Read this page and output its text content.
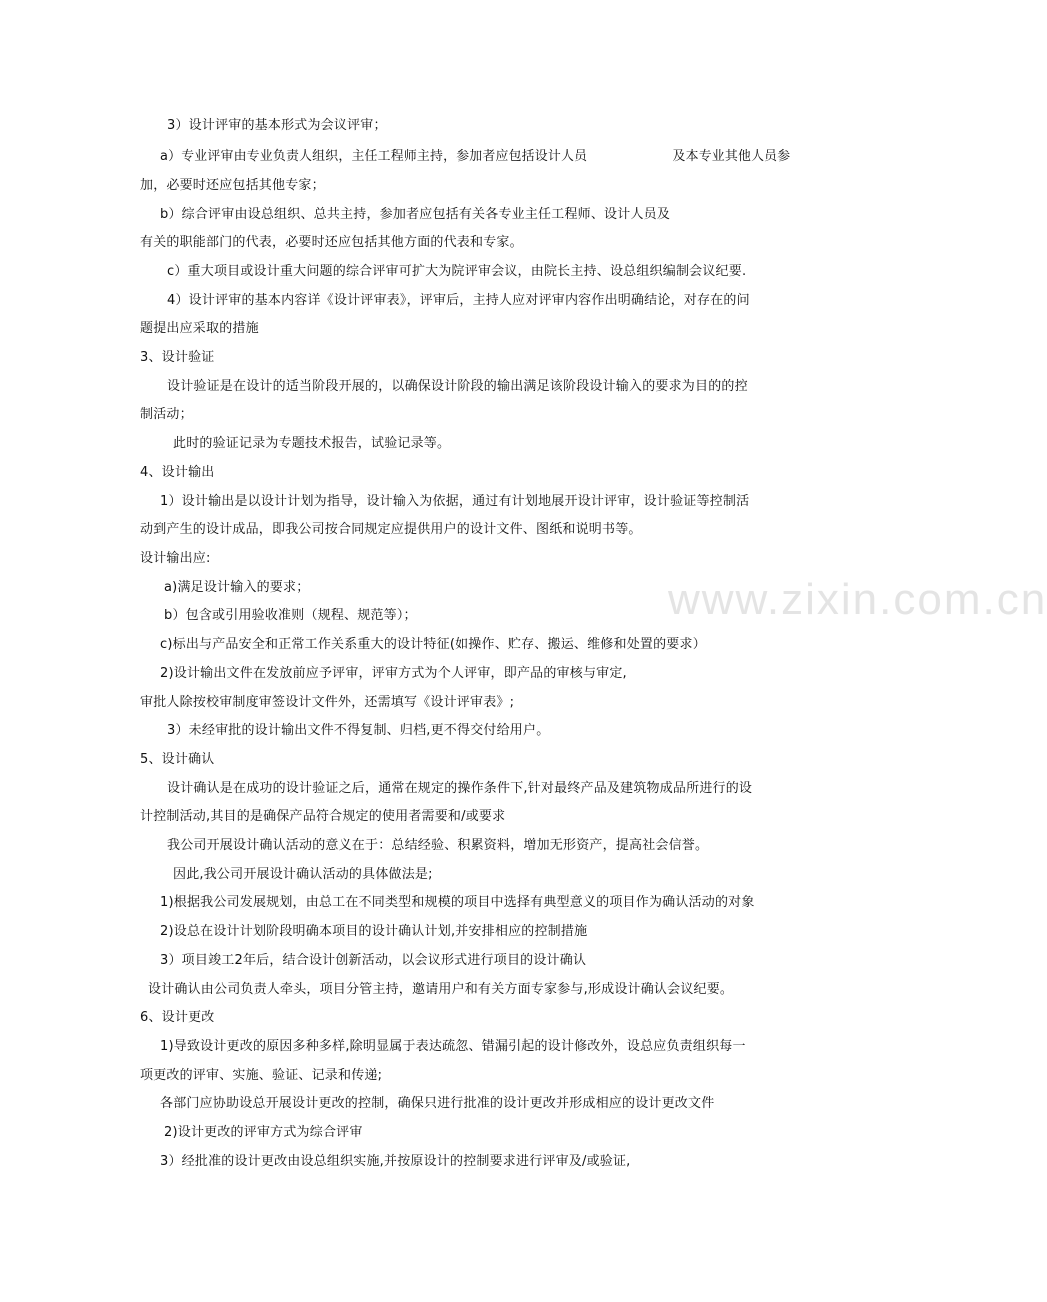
www.zixin.com.cn
3）设计评审的基本形式为会议评审；
a）专业评审由专业负责人组织，主任工程师主持，参加者应包括设计人员	及本专业其他人员参
加，必要时还应包括其他专家；
b）综合评审由设总组织、总共主持，参加者应包括有关各专业主任工程师、设计人员及
有关的职能部门的代表，必要时还应包括其他方面的代表和专家。
c）重大项目或设计重大问题的综合评审可扩大为院评审会议，由院长主持、设总组织编制会议纪要.
4）设计评审的基本内容详《设计评审表》，评审后，主持人应对评审内容作出明确结论，对存在的问
题提出应采取的措施
3、设计验证
设计验证是在设计的适当阶段开展的，以确保设计阶段的输出满足该阶段设计输入的要求为目的的控
制活动；
此时的验证记录为专题技术报告，试验记录等。
4、设计输出
1）设计输出是以设计计划为指导，设计输入为依据，通过有计划地展开设计评审，设计验证等控制活
动到产生的设计成品，即我公司按合同规定应提供用户的设计文件、图纸和说明书等。
设计输出应:
a)满足设计输入的要求；
b）包含或引用验收准则（规程、规范等）；
c)标出与产品安全和正常工作关系重大的设计特征(如操作、贮存、搬运、维修和处置的要求）
2)设计输出文件在发放前应予评审，评审方式为个人评审，即产品的审核与审定,
审批人除按校审制度审签设计文件外，还需填写《设计评审表》;
3）未经审批的设计输出文件不得复制、归档,更不得交付给用户。
5、设计确认
设计确认是在成功的设计验证之后，通常在规定的操作条件下,针对最终产品及建筑物成品所进行的设
计控制活动,其目的是确保产品符合规定的使用者需要和/或要求
我公司开展设计确认活动的意义在于：总结经验、积累资料，增加无形资产，提高社会信誉。
因此,我公司开展设计确认活动的具体做法是;
1)根据我公司发展规划，由总工在不同类型和规模的项目中选择有典型意义的项目作为确认活动的对象
2)设总在设计计划阶段明确本项目的设计确认计划,并安排相应的控制措施
3）项目竣工2年后，结合设计创新活动，以会议形式进行项目的设计确认
设计确认由公司负责人牵头，项目分管主持，邀请用户和有关方面专家参与,形成设计确认会议纪要。
6、设计更改
1)导致设计更改的原因多种多样,除明显属于表达疏忽、错漏引起的设计修改外，设总应负责组织每一
项更改的评审、实施、验证、记录和传递;
各部门应协助设总开展设计更改的控制，确保只进行批准的设计更改并形成相应的设计更改文件
2)设计更改的评审方式为综合评审
3）经批准的设计更改由设总组织实施,并按原设计的控制要求进行评审及/或验证,
